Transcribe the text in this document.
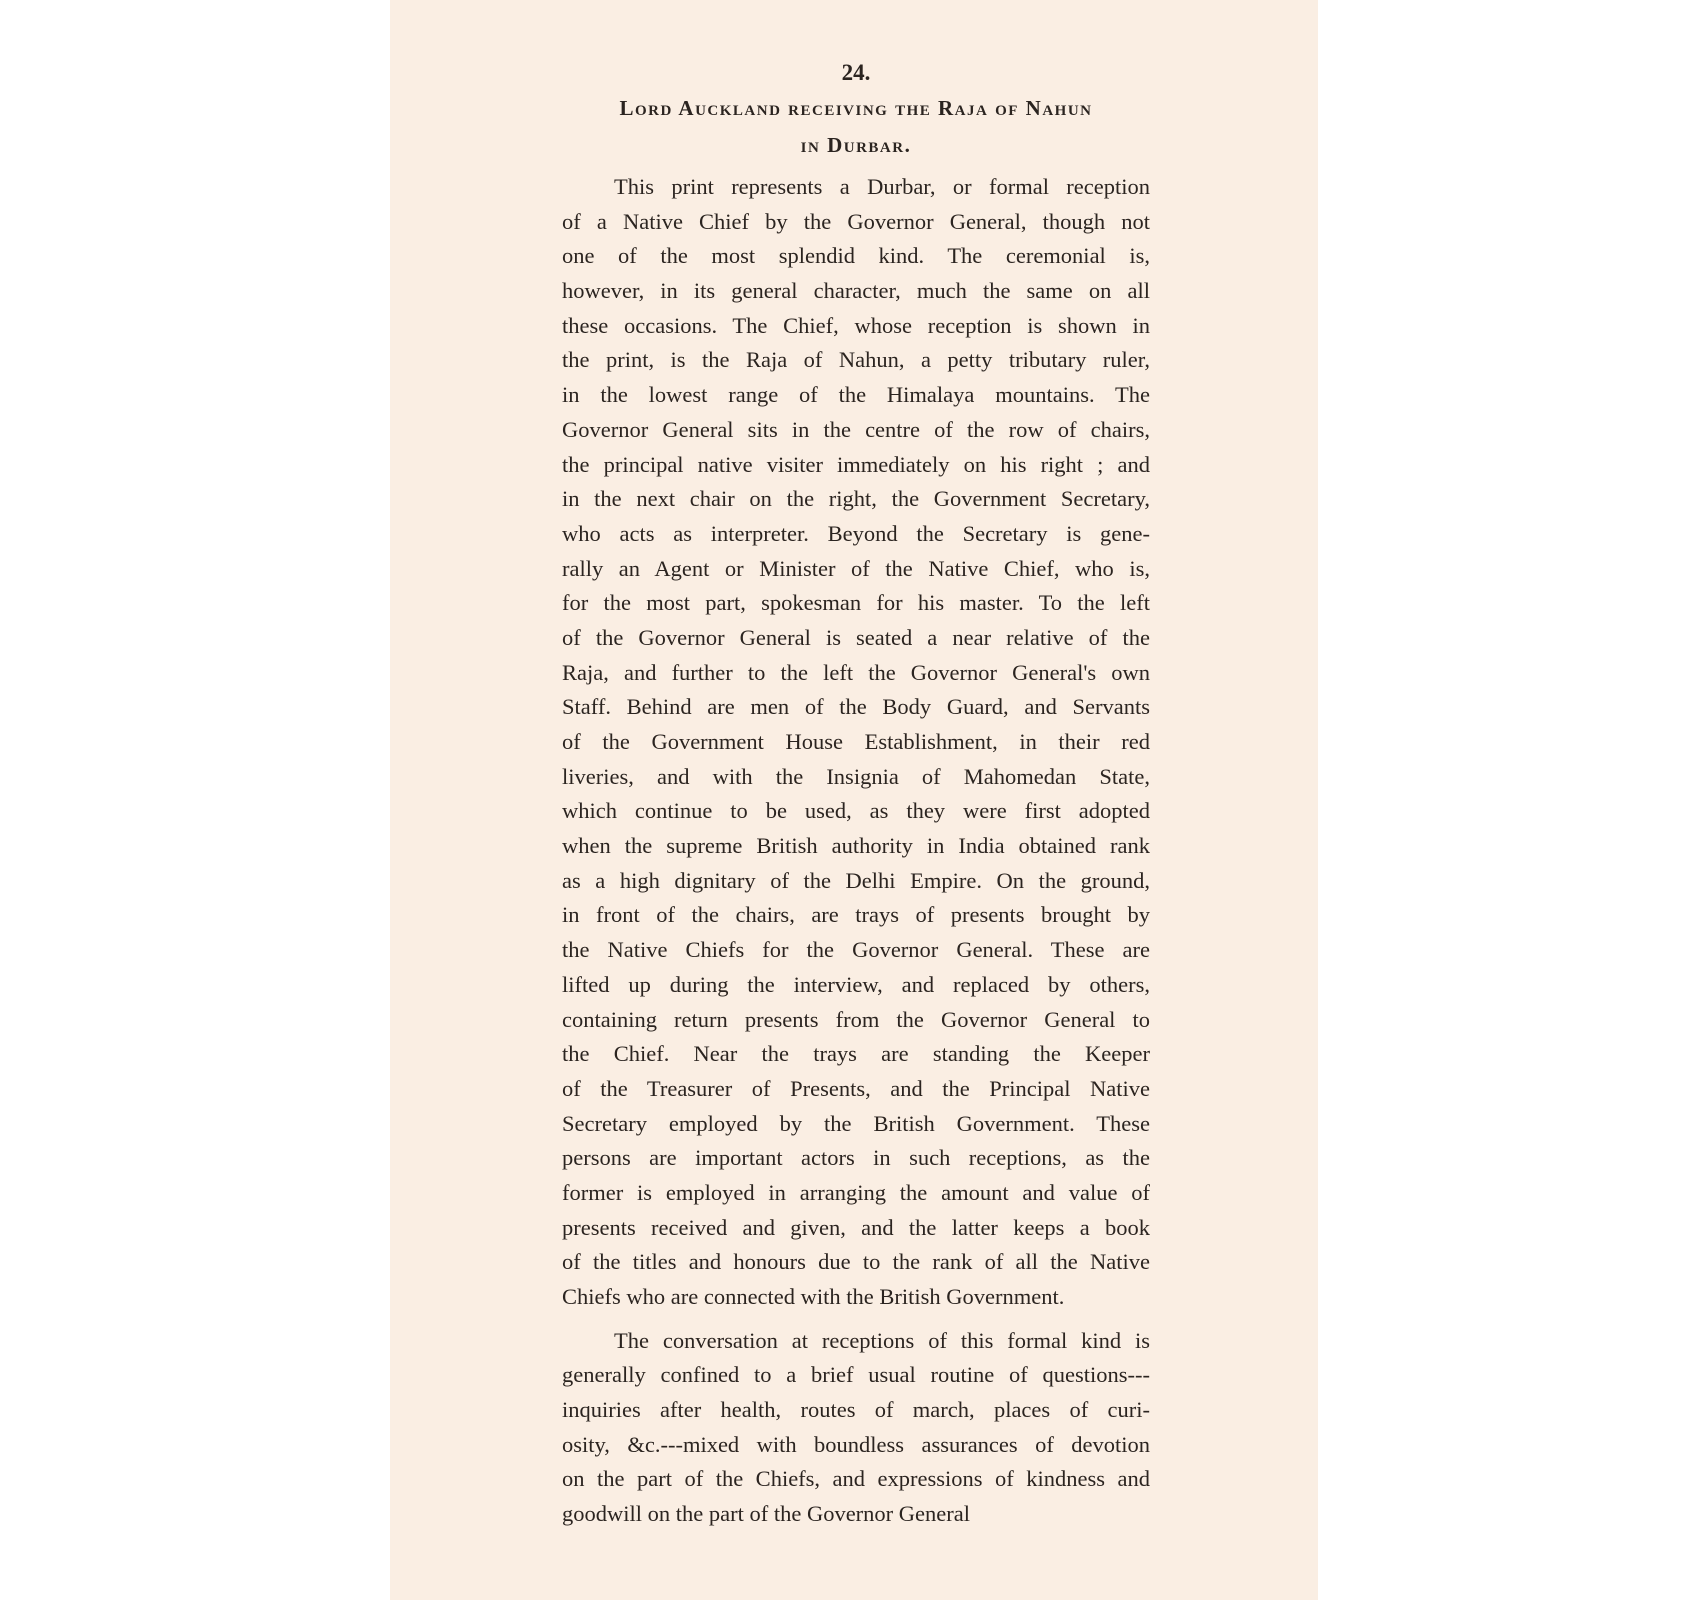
24.
Lord Auckland receiving the Raja of Nahun
in Durbar.
This print represents a Durbar, or formal reception
of a Native Chief by the Governor General, though not
one of the most splendid kind. The ceremonial is,
however, in its general character, much the same on all
these occasions. The Chief, whose reception is shown in
the print, is the Raja of Nahun, a petty tributary ruler,
in the lowest range of the Himalaya mountains. The
Governor General sits in the centre of the row of chairs,
the principal native visiter immediately on his right ; and
in the next chair on the right, the Government Secretary,
who acts as interpreter. Beyond the Secretary is gene-
rally an Agent or Minister of the Native Chief, who is,
for the most part, spokesman for his master. To the left
of the Governor General is seated a near relative of the
Raja, and further to the left the Governor General's own
Staff. Behind are men of the Body Guard, and Servants
of the Government House Establishment, in their red
liveries, and with the Insignia of Mahomedan State,
which continue to be used, as they were first adopted
when the supreme British authority in India obtained rank
as a high dignitary of the Delhi Empire. On the ground,
in front of the chairs, are trays of presents brought by
the Native Chiefs for the Governor General. These are
lifted up during the interview, and replaced by others,
containing return presents from the Governor General to
the Chief. Near the trays are standing the Keeper
of the Treasurer of Presents, and the Principal Native
Secretary employed by the British Government. These
persons are important actors in such receptions, as the
former is employed in arranging the amount and value of
presents received and given, and the latter keeps a book
of the titles and honours due to the rank of all the Native
Chiefs who are connected with the British Government.
The conversation at receptions of this formal kind is
generally confined to a brief usual routine of questions---
inquiries after health, routes of march, places of curi-
osity, &c.---mixed with boundless assurances of devotion
on the part of the Chiefs, and expressions of kindness and
goodwill on the part of the Governor General
